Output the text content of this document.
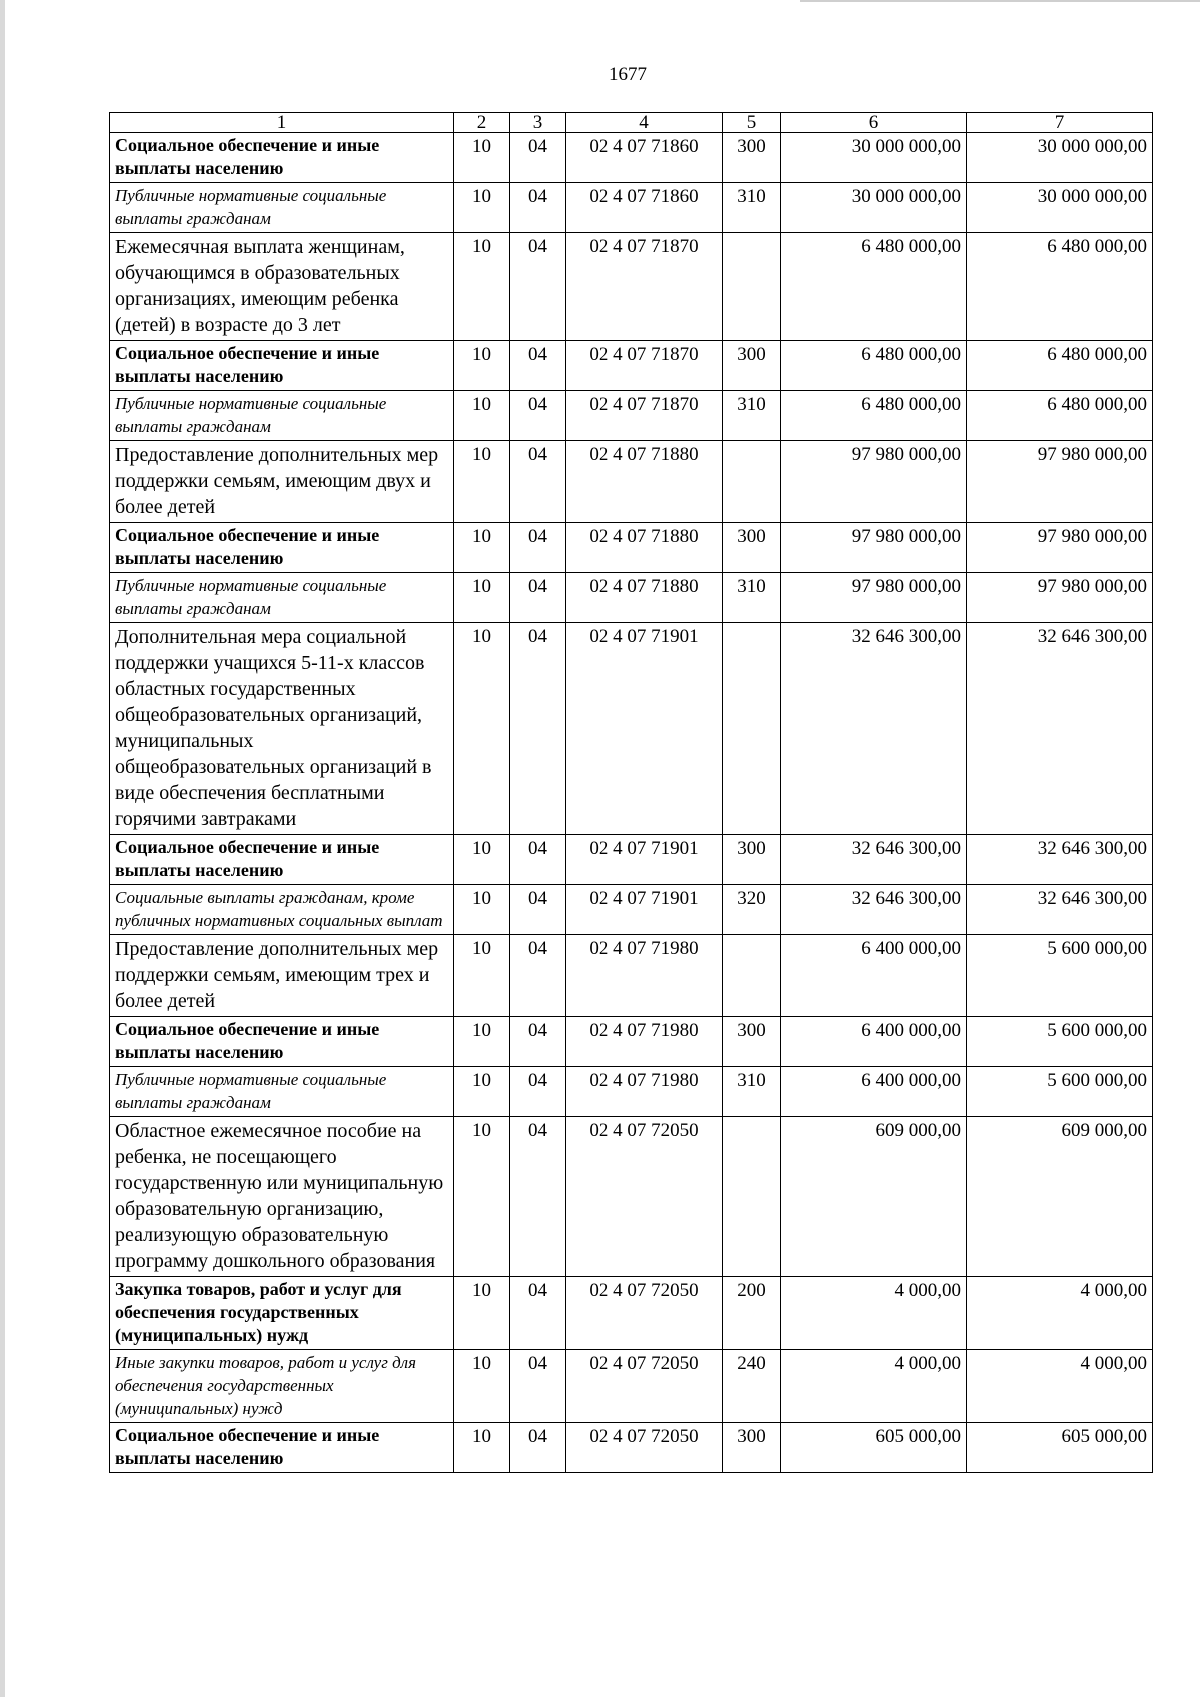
1677
1	2	3	4	5	6	7
Социальное обеспечение и иные выплаты населению	10	04	02 4 07 71860	300	30 000 000,00	30 000 000,00
Публичные нормативные социальные выплаты гражданам	10	04	02 4 07 71860	310	30 000 000,00	30 000 000,00
Ежемесячная выплата женщинам, обучающимся в образовательных организациях, имеющим ребенка (детей) в возрасте до 3 лет	10	04	02 4 07 71870		6 480 000,00	6 480 000,00
Социальное обеспечение и иные выплаты населению	10	04	02 4 07 71870	300	6 480 000,00	6 480 000,00
Публичные нормативные социальные выплаты гражданам	10	04	02 4 07 71870	310	6 480 000,00	6 480 000,00
Предоставление дополнительных мер поддержки семьям, имеющим двух и более детей	10	04	02 4 07 71880		97 980 000,00	97 980 000,00
Социальное обеспечение и иные выплаты населению	10	04	02 4 07 71880	300	97 980 000,00	97 980 000,00
Публичные нормативные социальные выплаты гражданам	10	04	02 4 07 71880	310	97 980 000,00	97 980 000,00
Дополнительная мера социальной поддержки учащихся 5-11-х классов областных государственных общеобразовательных организаций, муниципальных общеобразовательных организаций в виде обеспечения бесплатными горячими завтраками	10	04	02 4 07 71901		32 646 300,00	32 646 300,00
Социальное обеспечение и иные выплаты населению	10	04	02 4 07 71901	300	32 646 300,00	32 646 300,00
Социальные выплаты гражданам, кроме публичных нормативных социальных выплат	10	04	02 4 07 71901	320	32 646 300,00	32 646 300,00
Предоставление дополнительных мер поддержки семьям, имеющим трех и более детей	10	04	02 4 07 71980		6 400 000,00	5 600 000,00
Социальное обеспечение и иные выплаты населению	10	04	02 4 07 71980	300	6 400 000,00	5 600 000,00
Публичные нормативные социальные выплаты гражданам	10	04	02 4 07 71980	310	6 400 000,00	5 600 000,00
Областное ежемесячное пособие на ребенка, не посещающего государственную или муниципальную образовательную организацию, реализующую образовательную программу дошкольного образования	10	04	02 4 07 72050		609 000,00	609 000,00
Закупка товаров, работ и услуг для обеспечения государственных (муниципальных) нужд	10	04	02 4 07 72050	200	4 000,00	4 000,00
Иные закупки товаров, работ и услуг для обеспечения государственных (муниципальных) нужд	10	04	02 4 07 72050	240	4 000,00	4 000,00
Социальное обеспечение и иные выплаты населению	10	04	02 4 07 72050	300	605 000,00	605 000,00
